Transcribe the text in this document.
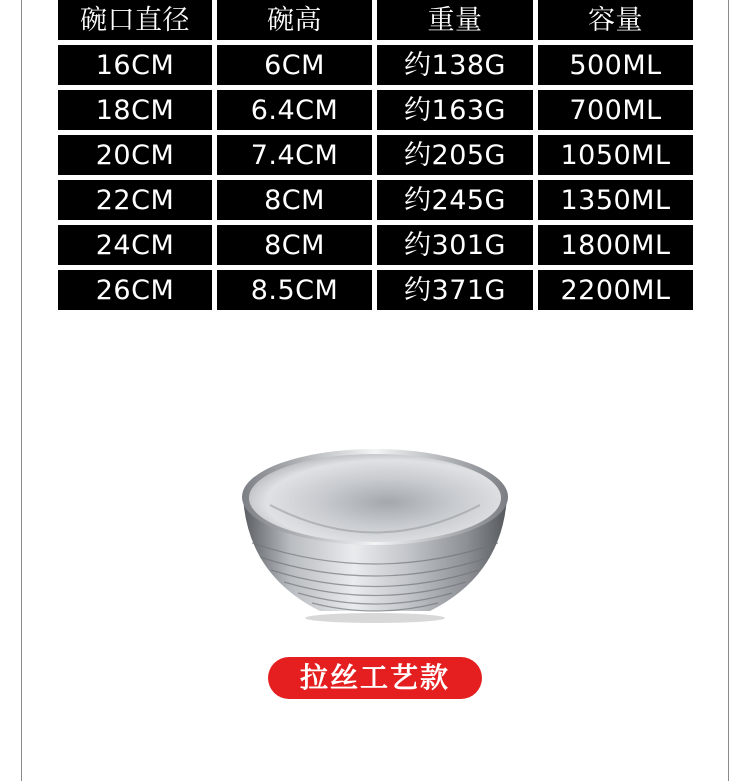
碗口直径	碗高	重量	容量
16CM	6CM	约138G	500ML
18CM	6.4CM	约163G	700ML
20CM	7.4CM	约205G	1050ML
22CM	8CM	约245G	1350ML
24CM	8CM	约301G	1800ML
26CM	8.5CM	约371G	2200ML
拉丝工艺款
